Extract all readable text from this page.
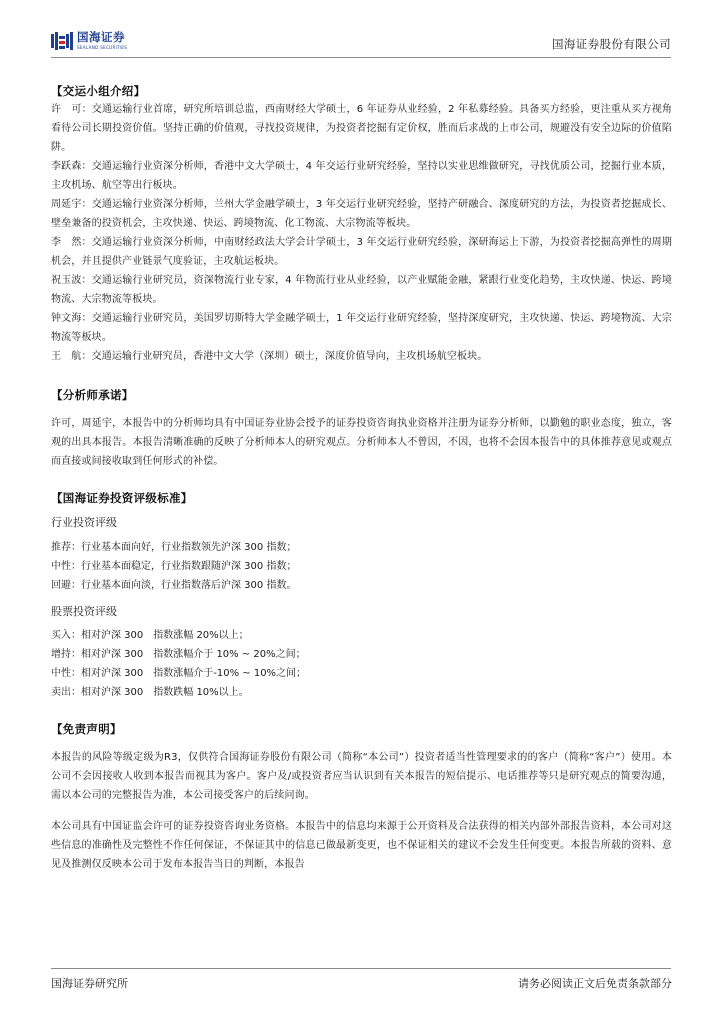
国海证券
SEALAND SECURITIES	国海证券股份有限公司
【交运小组介绍】

许　可：交通运输行业首席，研究所培训总监，西南财经大学硕士，6 年证券从业经验，2 年私募经验。具备买方经验，更注重从买方视角看待公司长期投资价值。坚持正确的价值观，寻找投资规律，为投资者挖掘有定价权，胜而后求战的上市公司，规避没有安全边际的价值陷阱。

李跃森：交通运输行业资深分析师，香港中文大学硕士，4 年交运行业研究经验，坚持以实业思维做研究，寻找优质公司，挖掘行业本质，主攻机场、航空等出行板块。

周延宇：交通运输行业资深分析师，兰州大学金融学硕士，3 年交运行业研究经验，坚持产研融合、深度研究的方法，为投资者挖掘成长、壁垒兼备的投资机会，主攻快递、快运、跨境物流、化工物流、大宗物流等板块。

李　然：交通运输行业资深分析师，中南财经政法大学会计学硕士，3 年交运行业研究经验，深研海运上下游，为投资者挖掘高弹性的周期机会，并且提供产业链景气度验证，主攻航运板块。

祝玉波：交通运输行业研究员，资深物流行业专家，4 年物流行业从业经验，以产业赋能金融，紧跟行业变化趋势，主攻快递、快运、跨境物流、大宗物流等板块。

钟文海：交通运输行业研究员，美国罗切斯特大学金融学硕士，1 年交运行业研究经验，坚持深度研究，主攻快递、快运、跨境物流、大宗物流等板块。

王　航：交通运输行业研究员，香港中文大学（深圳）硕士，深度价值导向，主攻机场航空板块。

【分析师承诺】

许可，周延宇，本报告中的分析师均具有中国证券业协会授予的证券投资咨询执业资格并注册为证券分析师，以勤勉的职业态度，独立，客观的出具本报告。本报告清晰准确的反映了分析师本人的研究观点。分析师本人不曾因，不因，也将不会因本报告中的具体推荐意见或观点而直接或间接收取到任何形式的补偿。

【国海证券投资评级标准】
行业投资评级
推荐：行业基本面向好，行业指数领先沪深 300 指数；
中性：行业基本面稳定，行业指数跟随沪深 300 指数；
回避：行业基本面向淡，行业指数落后沪深 300 指数。
股票投资评级
买入：相对沪深 300　指数涨幅 20%以上；
增持：相对沪深 300　指数涨幅介于 10% ~ 20%之间；
中性：相对沪深 300　指数涨幅介于-10% ~ 10%之间；
卖出：相对沪深 300　指数跌幅 10%以上。
【免责声明】

本报告的风险等级定级为R3，仅供符合国海证券股份有限公司（简称“本公司”）投资者适当性管理要求的的客户（简称“客户”）使用。本公司不会因接收人收到本报告而视其为客户。客户及/或投资者应当认识到有关本报告的短信提示、电话推荐等只是研究观点的简要沟通，需以本公司的完整报告为准，本公司接受客户的后续问询。

本公司具有中国证监会许可的证券投资咨询业务资格。本报告中的信息均来源于公开资料及合法获得的相关内部外部报告资料，本公司对这些信息的准确性及完整性不作任何保证，不保证其中的信息已做最新变更，也不保证相关的建议不会发生任何变更。本报告所载的资料、意见及推测仅反映本公司于发布本报告当日的判断，本报告

国海证券研究所	请务必阅读正文后免责条款部分
